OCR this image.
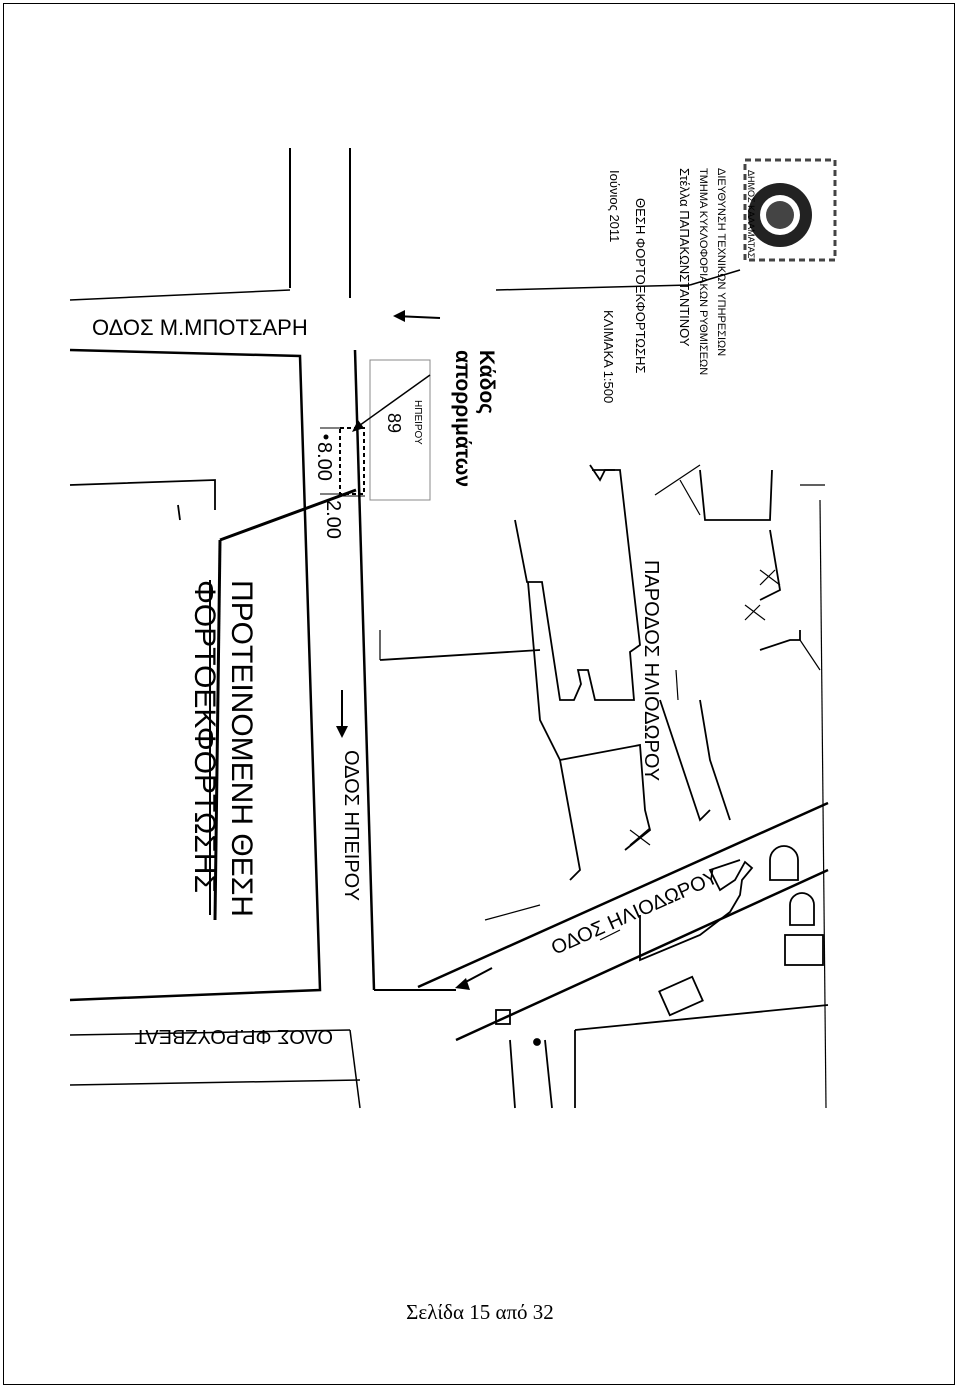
ΔΗΜΟΣ ΚΑΛΑΜΑΤΑΣ
ΔΙΕΥΘΥΝΣΗ ΤΕΧΝΙΚΩΝ ΥΠΗΡΕΣΙΩΝ
ΤΜΗΜΑ ΚΥΚΛΟΦΟΡΙΑΚΩΝ ΡΥΘΜΙΣΕΩΝ
Στέλλα ΠΑΠΑΚΩΝΣΤΑΝΤΙΝΟΥ
ΘΕΣΗ ΦΟΡΤΟΕΚΦΟΡΤΩΣΗΣ
Ιούνιος 2011
ΚΛΙΜΑΚΑ 1:500
ΟΔΟΣ Μ.ΜΠΟΤΣΑΡΗ
ΟΔΟΣ ΗΠΕΙΡΟΥ
ΠΑΡΟΔΟΣ ΗΛΙΟΔΩΡΟΥ
ΟΔΟΣ ΗΛΙΟΔΩΡΟΥ
ΟΔΟΣ ΦΡ.ΡΟΥΖΒΕΛΤ
Κάδος
απορριμάτων
ΗΠΕΙΡΟΥ
89
8.00
2.00
ΠΡΟΤΕΙΝΟΜΕΝΗ ΘΕΣΗ
ΦΟΡΤΟΕΚΦΟΡΤΩΣΗΣ
Σελίδα 15 από 32
